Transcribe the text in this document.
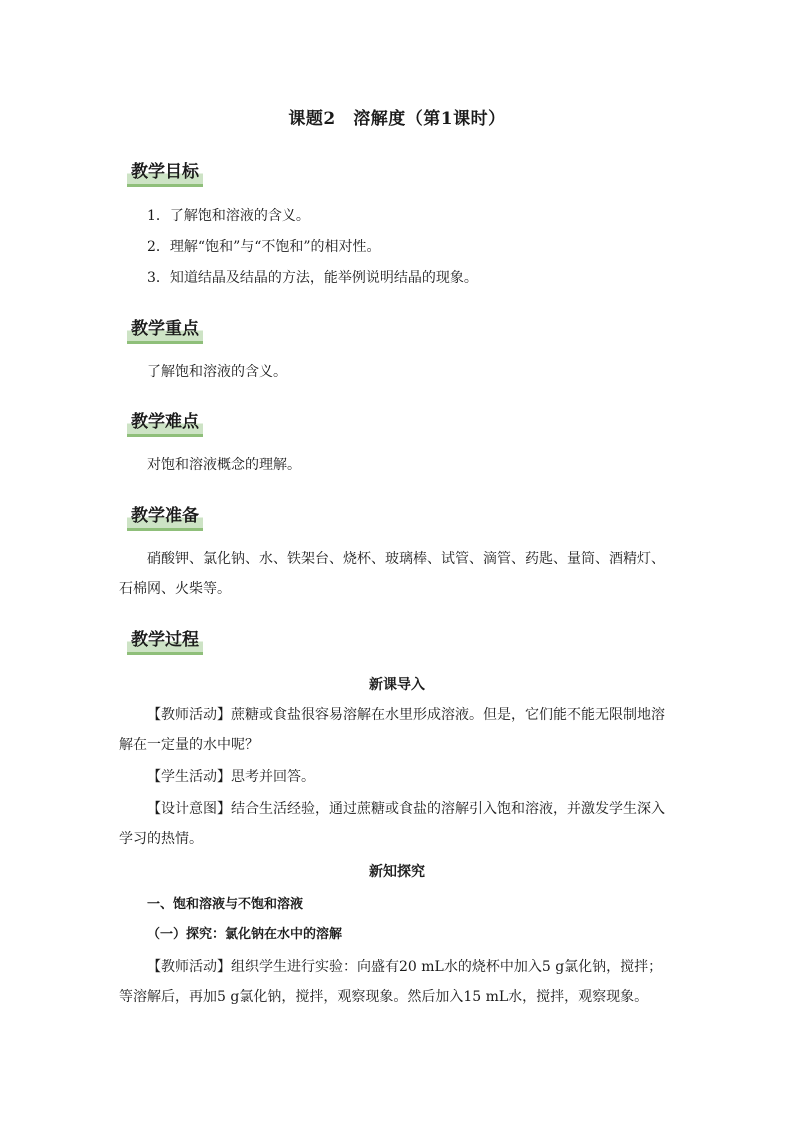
课题2　溶解度（第1课时）
教学目标
1．了解饱和溶液的含义。
2．理解“饱和”与“不饱和”的相对性。
3．知道结晶及结晶的方法，能举例说明结晶的现象。
教学重点
了解饱和溶液的含义。
教学难点
对饱和溶液概念的理解。
教学准备
硝酸钾、氯化钠、水、铁架台、烧杯、玻璃棒、试管、滴管、药匙、量筒、酒精灯、石棉网、火柴等。
教学过程
新课导入
【教师活动】蔗糖或食盐很容易溶解在水里形成溶液。但是，它们能不能无限制地溶解在一定量的水中呢？
【学生活动】思考并回答。
【设计意图】结合生活经验，通过蔗糖或食盐的溶解引入饱和溶液，并激发学生深入学习的热情。
新知探究
一、饱和溶液与不饱和溶液
（一）探究：氯化钠在水中的溶解
【教师活动】组织学生进行实验：向盛有20 mL水的烧杯中加入5 g氯化钠，搅拌；等溶解后，再加5 g氯化钠，搅拌，观察现象。然后加入15 mL水，搅拌，观察现象。
